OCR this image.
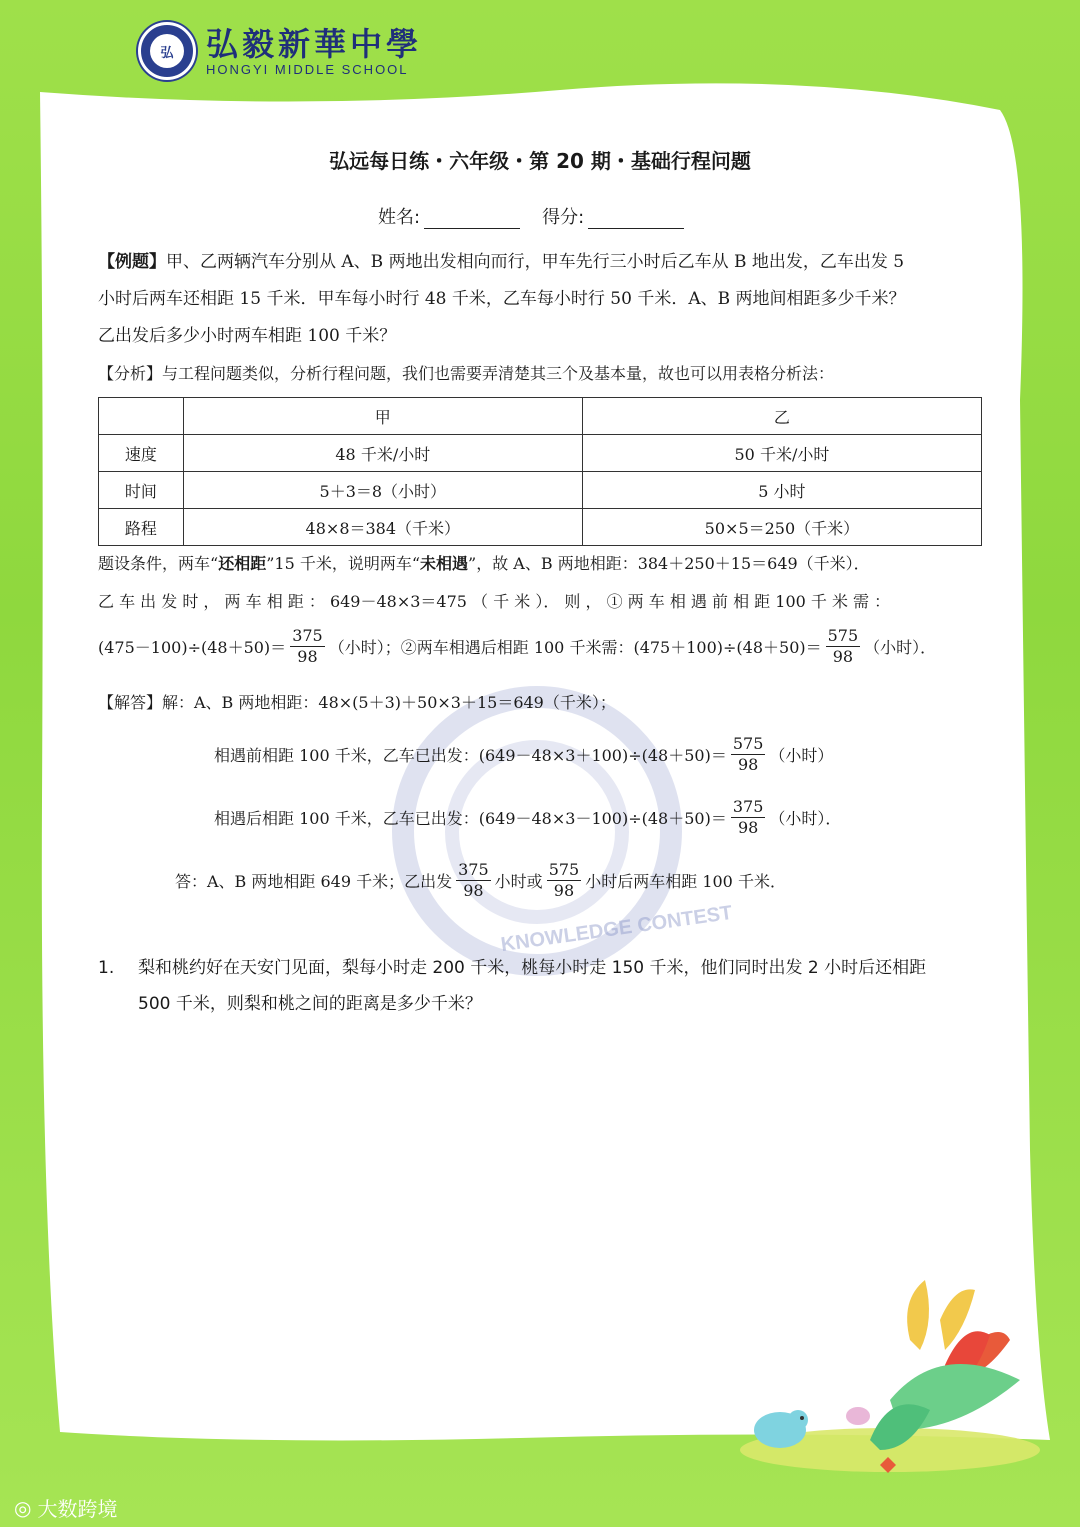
弘	弘毅新華中學
HONGYI MIDDLE SCHOOL
弘远每日练・六年级・第 20 期・基础行程问题
姓名:	得分:
KNOWLEDGE CONTEST
【例题】甲、乙两辆汽车分别从 A、B 两地出发相向而行，甲车先行三小时后乙车从 B 地出发，乙车出发 5
小时后两车还相距 15 千米．甲车每小时行 48 千米，乙车每小时行 50 千米．A、B 两地间相距多少千米？
乙出发后多少小时两车相距 100 千米？
【分析】与工程问题类似，分析行程问题，我们也需要弄清楚其三个及基本量，故也可以用表格分析法：
	甲	乙
速度	48 千米/小时	50 千米/小时
时间	5＋3＝8（小时）	5 小时
路程	48×8＝384（千米）	50×5＝250（千米）
题设条件，两车“还相距”15 千米，说明两车“未相遇”，故 A、B 两地相距：384＋250＋15＝649（千米）．
乙 车 出 发 时 ， 两 车 相 距 ： 649－48×3＝475 （ 千 米 ）． 则 ， ① 两 车 相 遇 前 相 距 100 千 米 需 ：
$(475-100)\div(48+50)= \frac{375}{98}$ （小时）；②两车相遇后相距 100 千米需：$(475+100)\div(48+50)= \frac{575}{98}$ （小时）．
【解答】解：A、B 两地相距：48×(5＋3)＋50×3＋15＝649（千米）；
相遇前相距 100 千米，乙车已出发：$(649-48\times 3+100)\div(48+50)= \frac{575}{98}$ （小时）
相遇后相距 100 千米，乙车已出发：$(649-48\times 3-100)\div(48+50)= \frac{375}{98}$ （小时）．
答：A、B 两地相距 649 千米；乙出发 $\frac{375}{98}$ 小时或 $\frac{575}{98}$ 小时后两车相距 100 千米．
1. 梨和桃约好在天安门见面，梨每小时走 200 千米，桃每小时走 150 千米，他们同时出发 2 小时后还相距
500 千米，则梨和桃之间的距离是多少千米？
◎ 大数跨境
